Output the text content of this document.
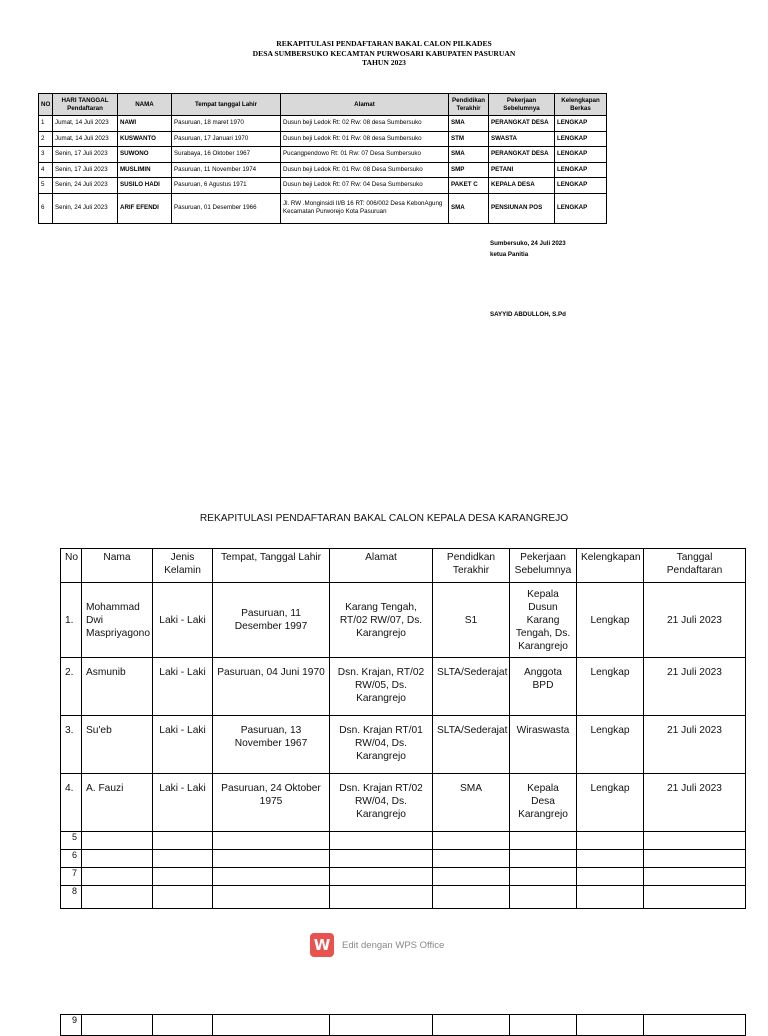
REKAPITULASI PENDAFTARAN BAKAL CALON PILKADES
DESA SUMBERSUKO KECAMTAN PURWOSARI KABUPATEN PASURUAN
TAHUN 2023
NO	HARI TANGGAL Pendaftaran	NAMA	Tempat tanggal Lahir	Alamat	Pendidikan Terakhir	Pekerjaan Sebelumnya	Kelengkapan Berkas
1	Jumat, 14 Juli 2023	NAWI	Pasuruan, 18 maret 1970	Dusun beji Ledok Rt: 02 Rw: 08 desa Sumbersuko	SMA	PERANGKAT DESA	LENGKAP
2	Jumat, 14 Juli 2023	KUSWANTO	Pasuruan, 17 Januari 1970	Dusun beji Ledok Rt: 01 Rw: 08 desa Sumbersuko	STM	SWASTA	LENGKAP
3	Senin, 17 Juli 2023	SUWONO	Surabaya, 16 Oktober 1967	Pucangpendowo Rt: 01 Rw: 07 Desa Sumbersuko	SMA	PERANGKAT DESA	LENGKAP
4	Senin, 17 Juli 2023	MUSLIMIN	Pasuruan, 11 November 1974	Dusun beji Ledok Rt: 01 Rw: 08 Desa Sumbersuko	SMP	PETANI	LENGKAP
5	Senin, 24 Juli 2023	SUSILO HADI	Pasuruan, 6 Agustus 1971	Dusun beji Ledok Rt: 07 Rw: 04 Desa Sumbersuko	PAKET C	KEPALA DESA	LENGKAP
6	Senin, 24 Juli 2023	ARIF EFENDI	Pasuruan, 01 Desember 1966	Jl. RW .Monginsidi II/B 16 RT: 006/002 Desa KebonAgung Kecamatan Purworejo Kota Pasuruan	SMA	PENSIUNAN POS	LENGKAP
Sumbersuko, 24 Juli 2023
ketua Panitia
SAYYID ABDULLOH, S.Pd
REKAPITULASI PENDAFTARAN BAKAL CALON KEPALA DESA KARANGREJO
No	Nama	Jenis Kelamin	Tempat, Tanggal Lahir	Alamat	Pendidkan Terakhir	Pekerjaan Sebelumnya	Kelengkapan	Tanggal Pendaftaran
1.	Mohammad Dwi Maspriyagono	Laki - Laki	Pasuruan, 11 Desember 1997	Karang Tengah, RT/02 RW/07, Ds. Karangrejo	S1	Kepala Dusun Karang Tengah, Ds. Karangrejo	Lengkap	21 Juli 2023
2.	Asmunib	Laki - Laki	Pasuruan, 04 Juni 1970	Dsn. Krajan, RT/02 RW/05, Ds. Karangrejo	SLTA/Sederajat	Anggota BPD	Lengkap	21 Juli 2023
3.	Su'eb	Laki - Laki	Pasuruan, 13 November 1967	Dsn. Krajan RT/01 RW/04, Ds. Karangrejo	SLTA/Sederajat	Wiraswasta	Lengkap	21 Juli 2023
4.	A. Fauzi	Laki - Laki	Pasuruan, 24 Oktober 1975	Dsn. Krajan RT/02 RW/04, Ds. Karangrejo	SMA	Kepala Desa Karangrejo	Lengkap	21 Juli 2023
5								
6								
7								
8								
W	Edit dengan WPS Office
9								
